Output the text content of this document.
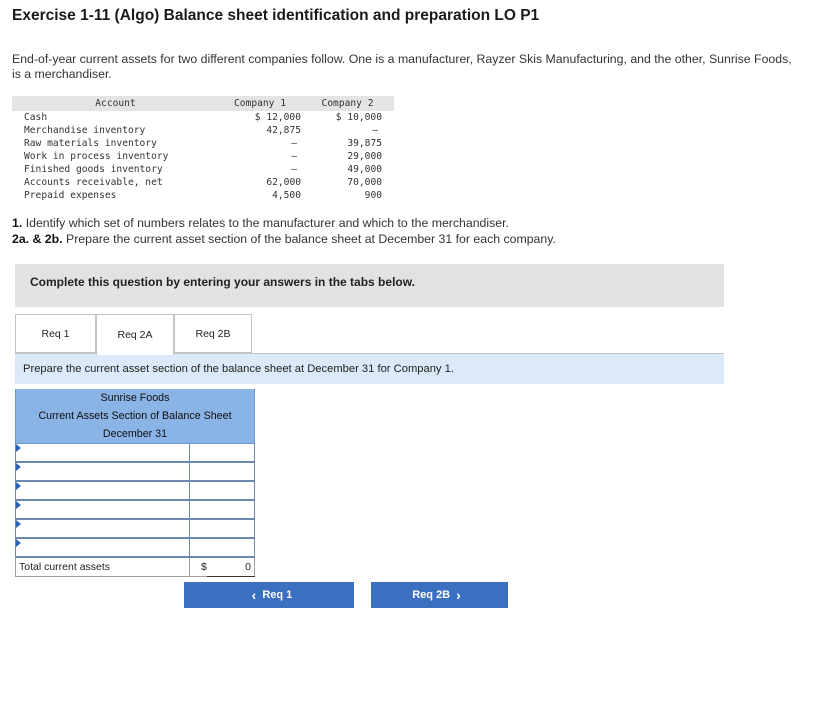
Exercise 1-11 (Algo) Balance sheet identification and preparation LO P1
End-of-year current assets for two different companies follow. One is a manufacturer, Rayzer Skis Manufacturing, and the other, Sunrise Foods, is a merchandiser.
Account	Company 1	Company 2
Cash	$ 12,000	$ 10,000
Merchandise inventory	42,875	–
Raw materials inventory	–	39,875
Work in process inventory	–	29,000
Finished goods inventory	–	49,000
Accounts receivable, net	62,000	70,000
Prepaid expenses	4,500	900
1. Identify which set of numbers relates to the manufacturer and which to the merchandiser.
2a. & 2b. Prepare the current asset section of the balance sheet at December 31 for each company.
Complete this question by entering your answers in the tabs below.
Req 1	Req 2A	Req 2B
Prepare the current asset section of the balance sheet at December 31 for Company 1.
Sunrise Foods		
Current Assets Section of Balance Sheet		
December 31		

Total current assets	$	0
‹ Req 1	Req 2B ›
